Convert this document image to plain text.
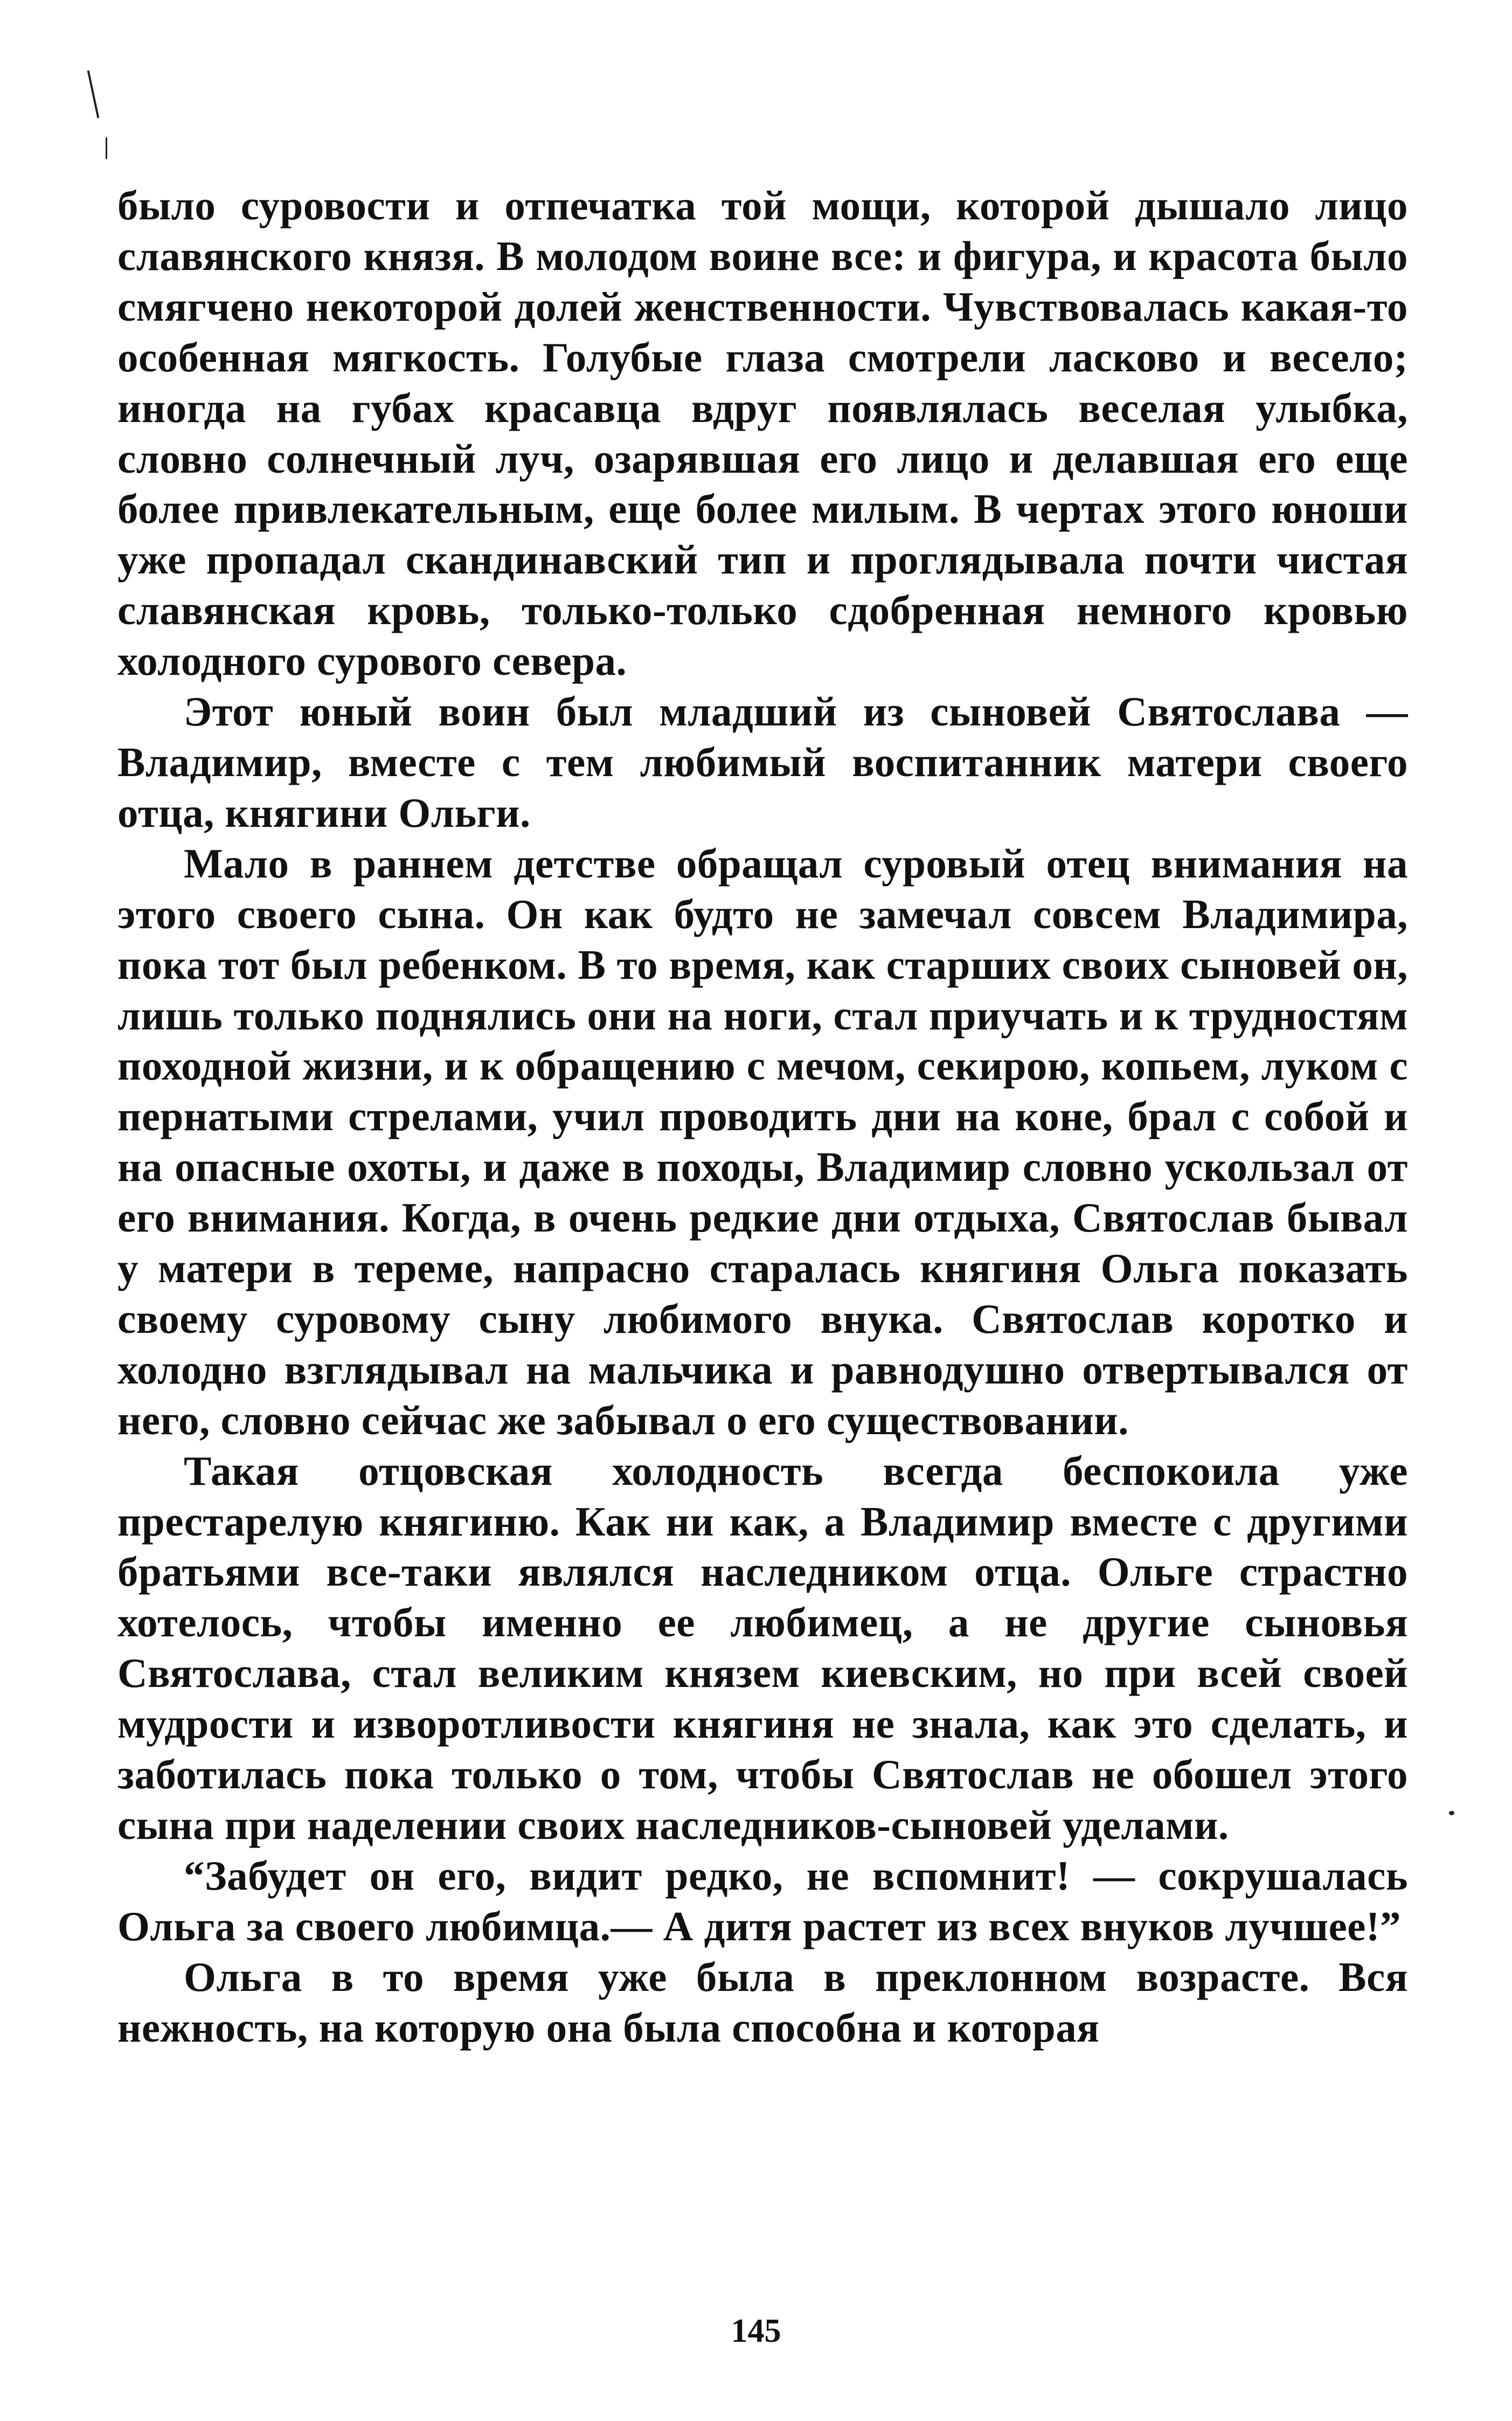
было суровости и отпечатка той мощи, которой дышало лицо славянского князя. В молодом воине все: и фигура, и красота было смягчено некоторой долей женственности. Чувствовалась какая-то особенная мягкость. Голубые глаза смотрели ласково и весело; иногда на губах красавца вдруг появлялась веселая улыбка, словно солнечный луч, озарявшая его лицо и делавшая его еще более привлекательным, еще более милым. В чертах этого юноши уже пропадал скандинавский тип и проглядывала почти чистая славянская кровь, только-только сдобренная немного кровью холодного сурового севера.

Этот юный воин был младший из сыновей Святослава — Владимир, вместе с тем любимый воспитанник матери своего отца, княгини Ольги.

Мало в раннем детстве обращал суровый отец внимания на этого своего сына. Он как будто не замечал совсем Владимира, пока тот был ребенком. В то время, как старших своих сыновей он, лишь только поднялись они на ноги, стал приучать и к трудностям походной жизни, и к обращению с мечом, секирою, копьем, луком с пернатыми стрелами, учил проводить дни на коне, брал с собой и на опасные охоты, и даже в походы, Владимир словно ускользал от его внимания. Когда, в очень редкие дни отдыха, Святослав бывал у матери в тереме, напрасно старалась княгиня Ольга показать своему суровому сыну любимого внука. Святослав коротко и холодно взглядывал на мальчика и равнодушно отвертывался от него, словно сейчас же забывал о его существовании.

Такая отцовская холодность всегда беспокоила уже престарелую княгиню. Как ни как, а Владимир вместе с другими братьями все-таки являлся наследником отца. Ольге страстно хотелось, чтобы именно ее любимец, а не другие сыновья Святослава, стал великим князем киевским, но при всей своей мудрости и изворотливости княгиня не знала, как это сделать, и заботилась пока только о том, чтобы Святослав не обошел этого сына при наделении своих наследников-сыновей уделами.

“Забудет он его, видит редко, не вспомнит! — сокрушалась Ольга за своего любимца.— А дитя растет из всех внуков лучшее!”

Ольга в то время уже была в преклонном возрасте. Вся нежность, на которую она была способна и которая

145
